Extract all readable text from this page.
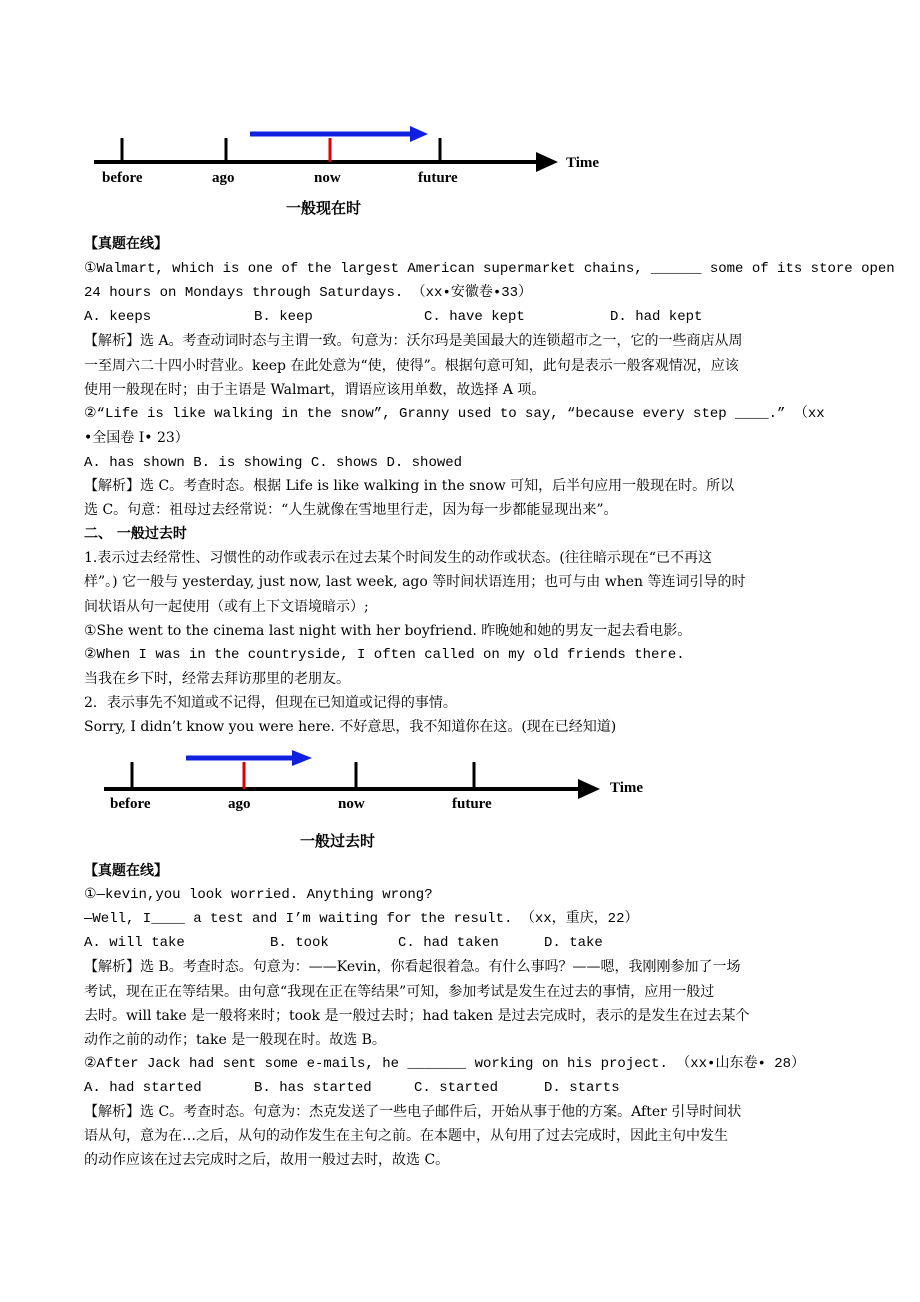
before	ago	now	future
Time
一般现在时
【真题在线】
①Walmart, which is one of the largest American supermarket chains, ______ some of its store open
24 hours on Mondays through Saturdays. （xx•安徽卷•33）
A. keeps	B. keep	C. have kept	D. had kept
【解析】选 A。考查动词时态与主谓一致。句意为：沃尔玛是美国最大的连锁超市之一，它的一些商店从周
一至周六二十四小时营业。keep 在此处意为“使，使得”。根据句意可知，此句是表示一般客观情况，应该
使用一般现在时；由于主语是 Walmart，谓语应该用单数，故选择 A 项。
②“Life is like walking in the snow”, Granny used to say, “because every step ____.” （xx
•全国卷 I• 23）
A. has shown B. is showing C. shows D. showed
【解析】选 C。考查时态。根据 Life is like walking in the snow 可知，后半句应用一般现在时。所以
选 C。句意：祖母过去经常说：“人生就像在雪地里行走，因为每一步都能显现出来”。
二、 一般过去时
1.表示过去经常性、习惯性的动作或表示在过去某个时间发生的动作或状态。(往往暗示现在“已不再这
样”。) 它一般与 yesterday, just now, last week, ago 等时间状语连用；也可与由 when 等连词引导的时
间状语从句一起使用（或有上下文语境暗示）;
①She went to the cinema last night with her boyfriend. 昨晚她和她的男友一起去看电影。
②When I was in the countryside, I often called on my old friends there.
当我在乡下时，经常去拜访那里的老朋友。
2．表示事先不知道或不记得，但现在已知道或记得的事情。
Sorry, I didn’t know you were here. 不好意思，我不知道你在这。(现在已经知道)
before	ago	now	future
Time
一般过去时
【真题在线】
①—kevin,you look worried. Anything wrong?
—Well, I____ a test and I’m waiting for the result. （xx，重庆，22）
A. will take	B. took	C. had taken	D. take
【解析】选 B。考查时态。句意为：——Kevin，你看起很着急。有什么事吗？——嗯，我刚刚参加了一场
考试，现在正在等结果。由句意“我现在正在等结果”可知，参加考试是发生在过去的事情，应用一般过
去时。will take 是一般将来时；took 是一般过去时；had taken 是过去完成时，表示的是发生在过去某个
动作之前的动作；take 是一般现在时。故选 B。
②After Jack had sent some e-mails, he _______ working on his project. （xx•山东卷• 28）
A. had started	B. has started	C. started	D. starts
【解析】选 C。考查时态。句意为：杰克发送了一些电子邮件后，开始从事于他的方案。After 引导时间状
语从句，意为在…之后，从句的动作发生在主句之前。在本题中，从句用了过去完成时，因此主句中发生
的动作应该在过去完成时之后，故用一般过去时，故选 C。
